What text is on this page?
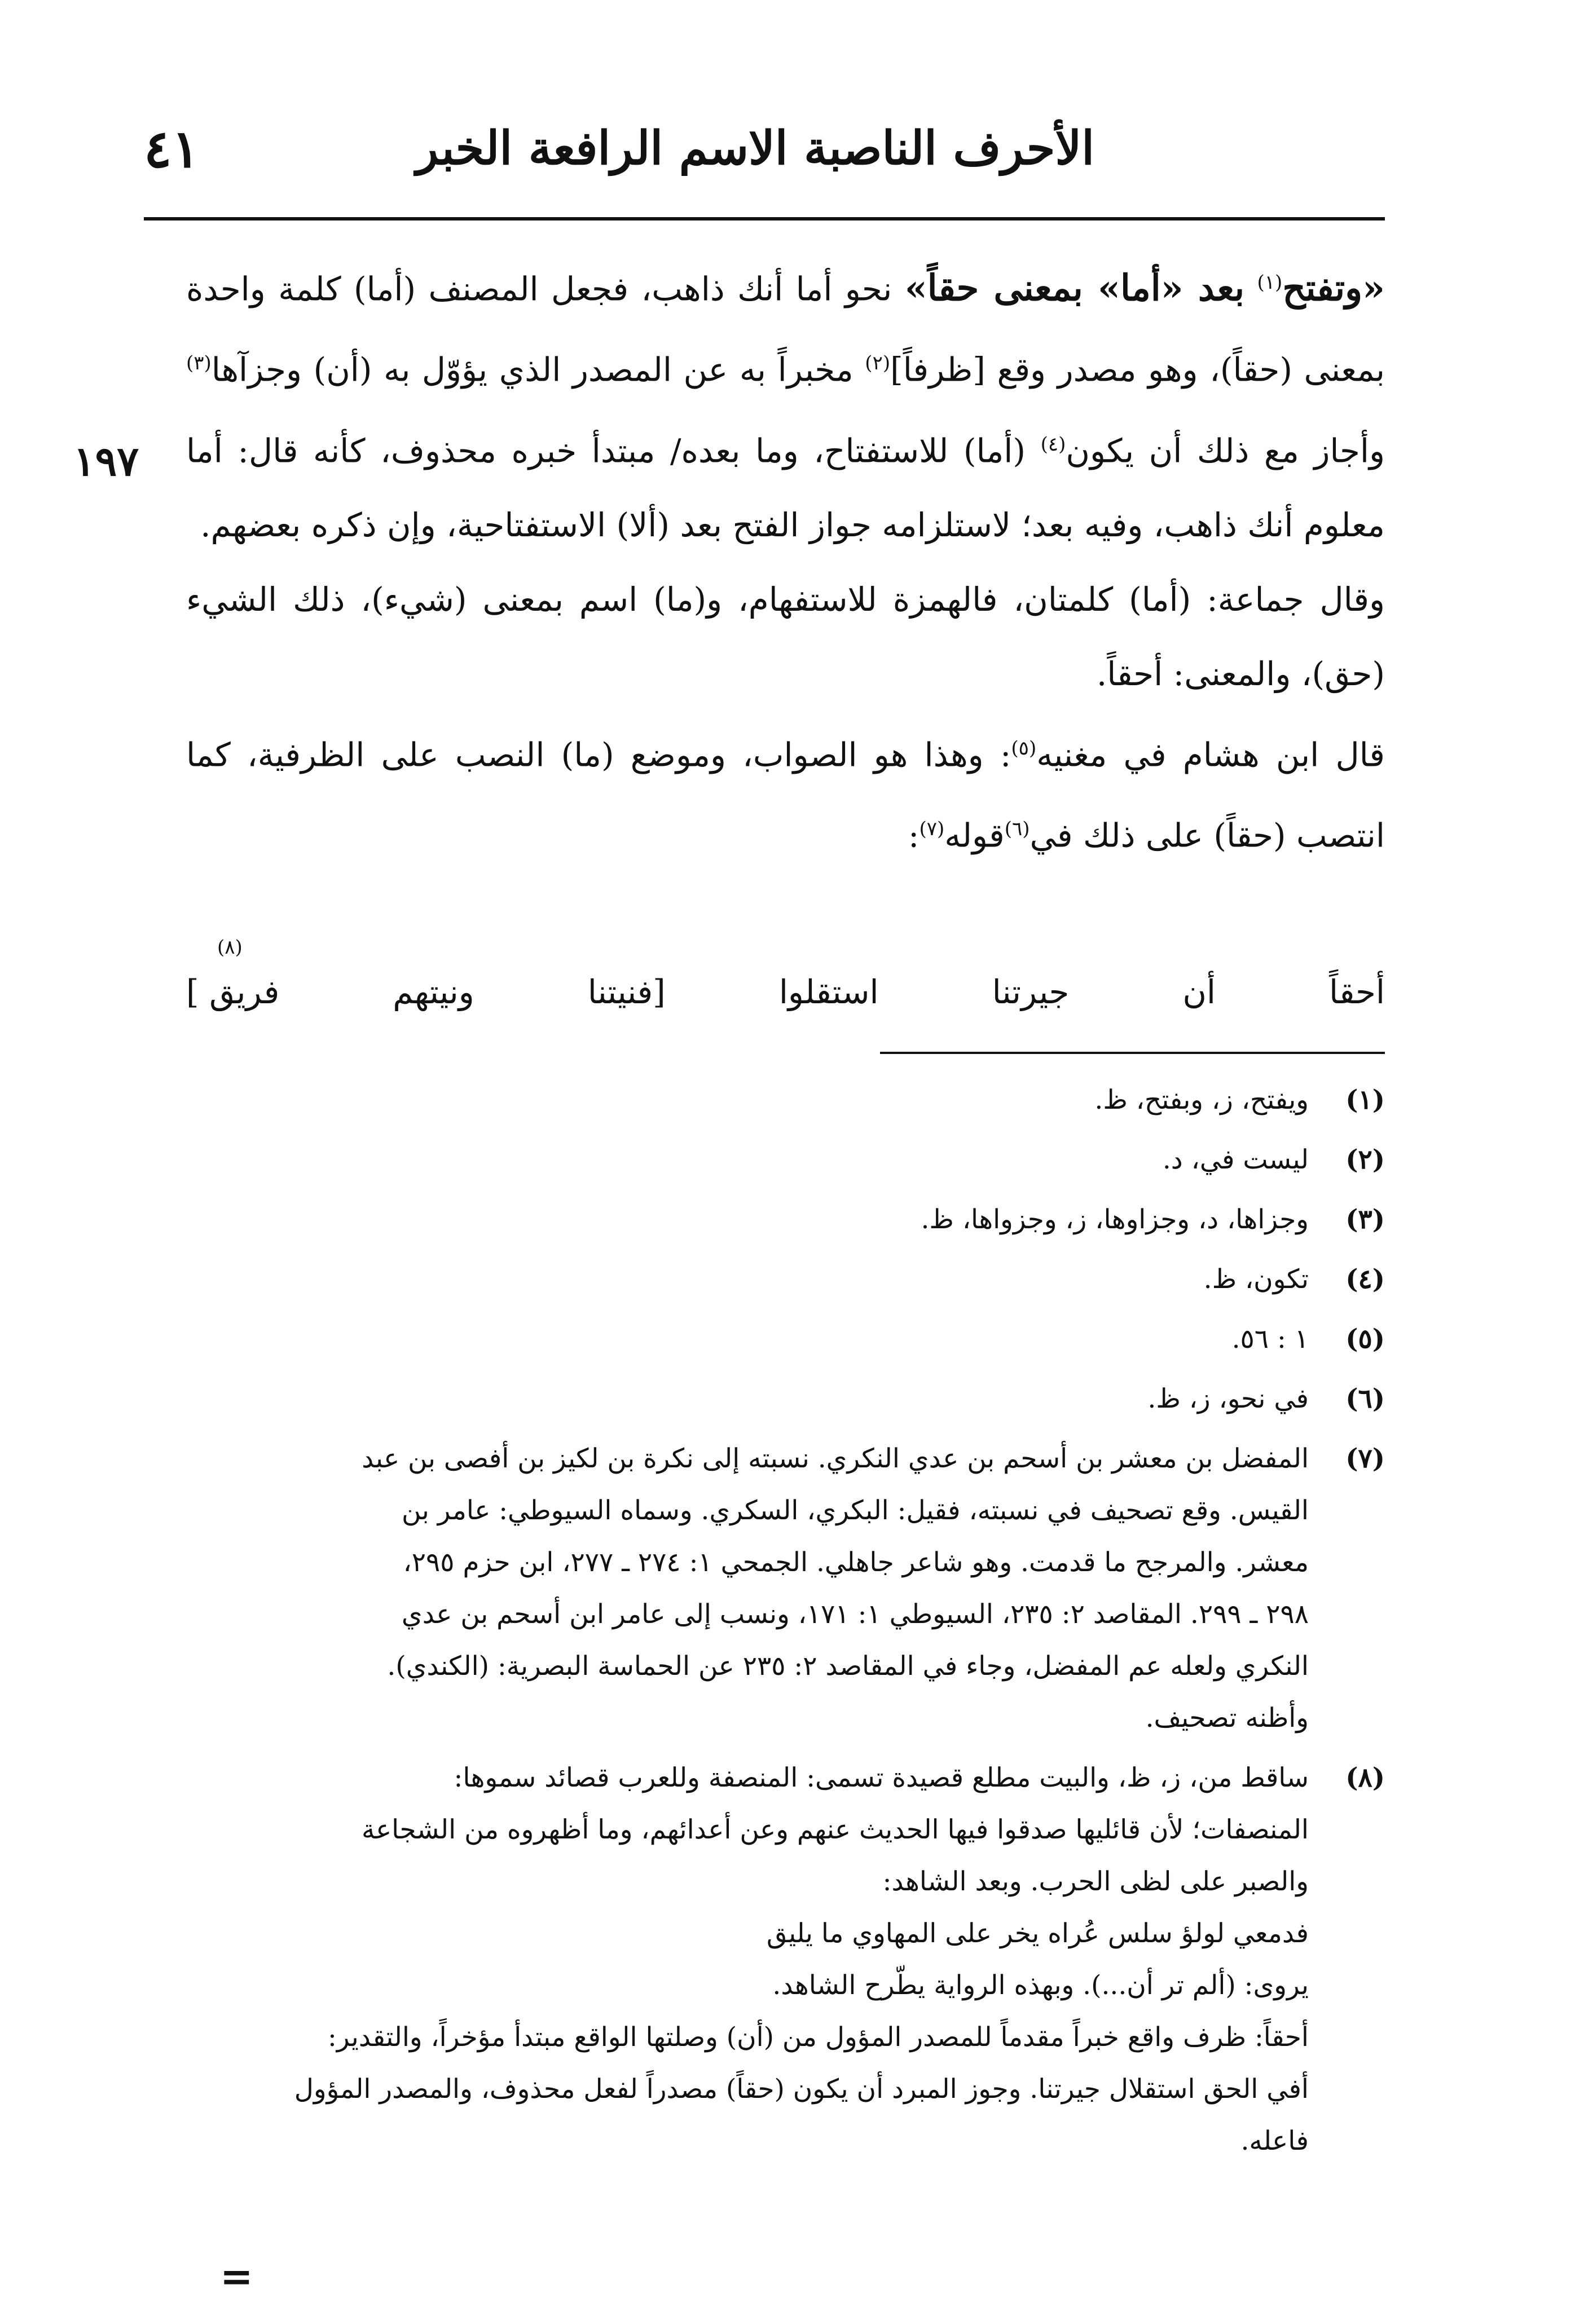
٤١	الأحرف الناصبة الاسم الرافعة الخبر
١٩٧

«وتفتح$^{(١)}$ بعد «أما» بمعنى حقاً» نحو أما أنك ذاهب، فجعل المصنف (أما) كلمة واحدة بمعنى (حقاً)، وهو مصدر وقع [ظرفاً]$^{(٢)}$ مخبراً به عن المصدر الذي يؤوّل به (أن) وجزآها$^{(٣)}$ وأجاز مع ذلك أن يكون$^{(٤)}$ (أما) للاستفتاح، وما بعده/ مبتدأ خبره محذوف، كأنه قال: أما معلوم أنك ذاهب، وفيه بعد؛ لاستلزامه جواز الفتح بعد (ألا) الاستفتاحية، وإن ذكره بعضهم.

وقال جماعة: (أما) كلمتان، فالهمزة للاستفهام، و(ما) اسم بمعنى (شيء)، ذلك الشيء (حق)، والمعنى: أحقاً.

قال ابن هشام في مغنيه$^{(٥)}$: وهذا هو الصواب، وموضع (ما) النصب على الظرفية، كما انتصب (حقاً) على ذلك في$^{(٦)}$قوله$^{(٧)}$:

(٨)
أحقاً
أن
جيرتنا
استقلوا
[فنيتنا
ونيتهم
فريق ]
(١)
ويفتح، ز، وبفتح، ظ.
(٢)
ليست في، د.
(٣)
وجزاها، د، وجزاوها، ز، وجزواها، ظ.
(٤)
تكون، ظ.
(٥)
١ : ٥٦.
(٦)
في نحو، ز، ظ.
(٧)
المفضل بن معشر بن أسحم بن عدي النكري. نسبته إلى نكرة بن لكيز بن أفصى بن عبد
القيس. وقع تصحيف في نسبته، فقيل: البكري، السكري. وسماه السيوطي: عامر بن
معشر. والمرجح ما قدمت. وهو شاعر جاهلي. الجمحي ١: ٢٧٤ ـ ٢٧٧، ابن حزم ٢٩٥،
٢٩٨ ـ ٢٩٩. المقاصد ٢: ٢٣٥، السيوطي ١: ١٧١، ونسب إلى عامر ابن أسحم بن عدي
النكري ولعله عم المفضل، وجاء في المقاصد ٢: ٢٣٥ عن الحماسة البصرية: (الكندي).
وأظنه تصحيف.
(٨)
ساقط من، ز، ظ، والبيت مطلع قصيدة تسمى: المنصفة وللعرب قصائد سموها:
المنصفات؛ لأن قائليها صدقوا فيها الحديث عنهم وعن أعدائهم، وما أظهروه من الشجاعة
والصبر على لظى الحرب. وبعد الشاهد:
فدمعي لولؤ سلس عُراه يخر على المهاوي ما يليق
يروى: (ألم تر أن...). وبهذه الرواية يطّرح الشاهد.
أحقاً: ظرف واقع خبراً مقدماً للمصدر المؤول من (أن) وصلتها الواقع مبتدأ مؤخراً، والتقدير:
أفي الحق استقلال جيرتنا. وجوز المبرد أن يكون (حقاً) مصدراً لفعل محذوف، والمصدر المؤول
فاعله.
=
